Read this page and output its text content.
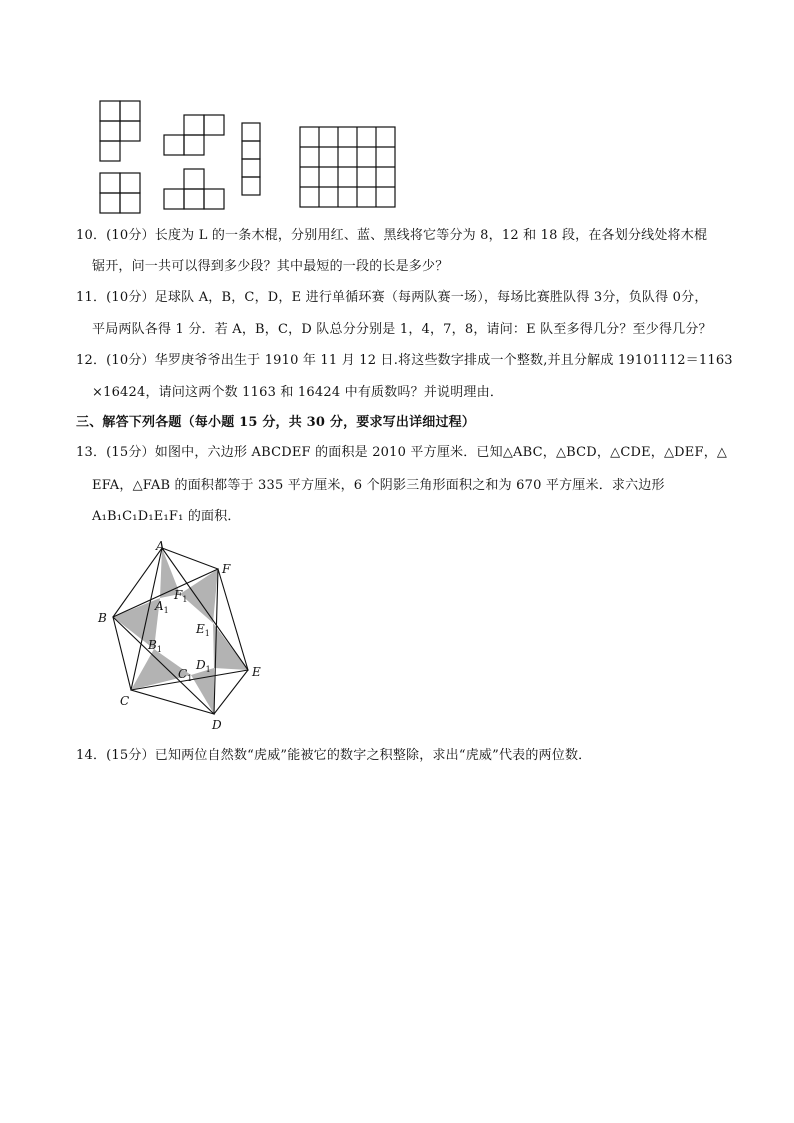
10．(10分）长度为 L 的一条木棍，分别用红、蓝、黑线将它等分为 8，12 和 18 段，在各划分线处将木棍
锯开，问一共可以得到多少段？其中最短的一段的长是多少？
11．(10分）足球队 A，B，C，D，E 进行单循环赛（每两队赛一场），每场比赛胜队得 3分，负队得 0分，
平局两队各得 1 分．若 A，B，C，D 队总分分别是 1，4，7，8，请问：E 队至多得几分？至少得几分？
12．(10分）华罗庚爷爷出生于 1910 年 11 月 12 日.将这些数字排成一个整数,并且分解成 19101112＝1163
×16424，请问这两个数 1163 和 16424 中有质数吗？并说明理由．
三、解答下列各题（每小题 15 分，共 30 分，要求写出详细过程）
13．(15分）如图中，六边形 ABCDEF 的面积是 2010 平方厘米．已知△ABC，△BCD，△CDE，△DEF，△
EFA，△FAB 的面积都等于 335 平方厘米，6 个阴影三角形面积之和为 670 平方厘米．求六边形
A₁B₁C₁D₁E₁F₁ 的面积．
A
F
B
E
C
D
$A_1$
$F_1$
$B_1$
$E_1$
$C_1$
$D_1$
14．(15分）已知两位自然数“虎威”能被它的数字之积整除，求出“虎威”代表的两位数．
